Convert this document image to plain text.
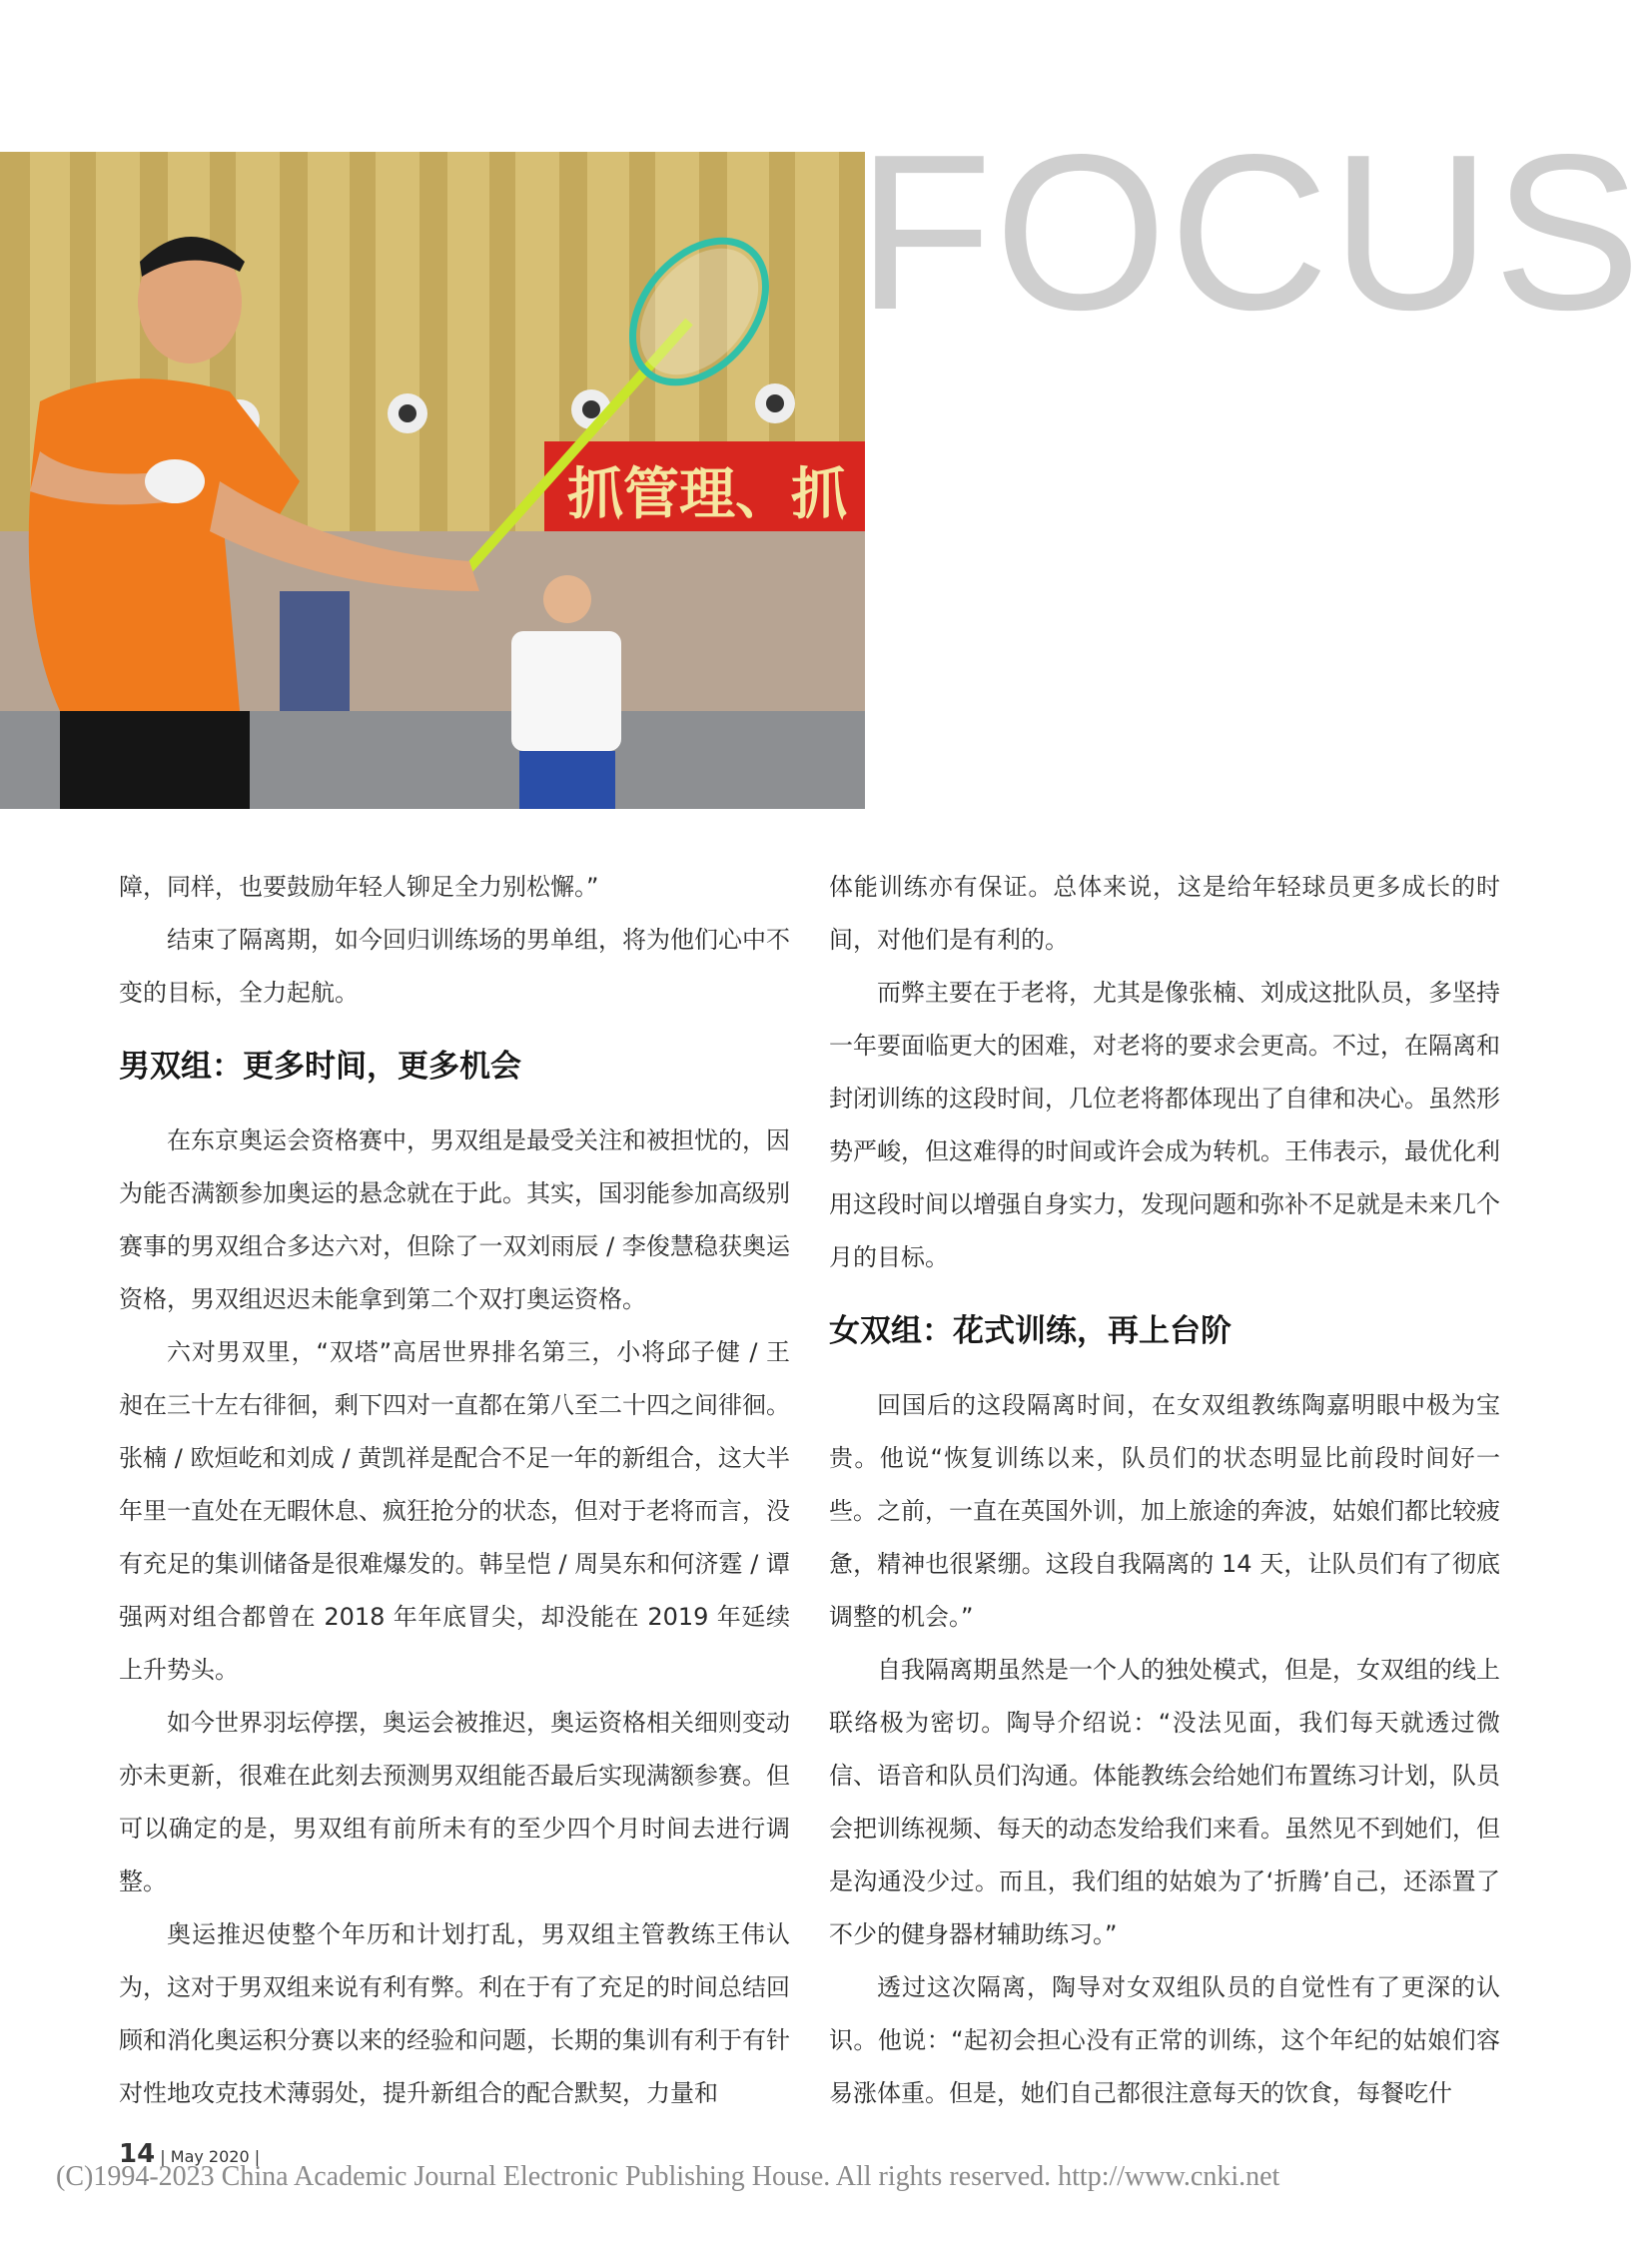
抓管理、抓
FOCUS

障，同样，也要鼓励年轻人铆足全力别松懈。”

结束了隔离期，如今回归训练场的男单组，将为他们心中不变的目标，全力起航。

男双组：更多时间，更多机会

在东京奥运会资格赛中，男双组是最受关注和被担忧的，因为能否满额参加奥运的悬念就在于此。其实，国羽能参加高级别赛事的男双组合多达六对，但除了一双刘雨辰 / 李俊慧稳获奥运资格，男双组迟迟未能拿到第二个双打奥运资格。

六对男双里，“双塔”高居世界排名第三，小将邱子健 / 王昶在三十左右徘徊，剩下四对一直都在第八至二十四之间徘徊。张楠 / 欧烜屹和刘成 / 黄凯祥是配合不足一年的新组合，这大半年里一直处在无暇休息、疯狂抢分的状态，但对于老将而言，没有充足的集训储备是很难爆发的。韩呈恺 / 周昊东和何济霆 / 谭强两对组合都曾在 2018 年年底冒尖，却没能在 2019 年延续上升势头。

如今世界羽坛停摆，奥运会被推迟，奥运资格相关细则变动亦未更新，很难在此刻去预测男双组能否最后实现满额参赛。但可以确定的是，男双组有前所未有的至少四个月时间去进行调整。

奥运推迟使整个年历和计划打乱，男双组主管教练王伟认为，这对于男双组来说有利有弊。利在于有了充足的时间总结回顾和消化奥运积分赛以来的经验和问题，长期的集训有利于有针对性地攻克技术薄弱处，提升新组合的配合默契，力量和

体能训练亦有保证。总体来说，这是给年轻球员更多成长的时间，对他们是有利的。

而弊主要在于老将，尤其是像张楠、刘成这批队员，多坚持一年要面临更大的困难，对老将的要求会更高。不过，在隔离和封闭训练的这段时间，几位老将都体现出了自律和决心。虽然形势严峻，但这难得的时间或许会成为转机。王伟表示，最优化利用这段时间以增强自身实力，发现问题和弥补不足就是未来几个月的目标。

女双组：花式训练，再上台阶

回国后的这段隔离时间，在女双组教练陶嘉明眼中极为宝贵。他说“恢复训练以来，队员们的状态明显比前段时间好一些。之前，一直在英国外训，加上旅途的奔波，姑娘们都比较疲惫，精神也很紧绷。这段自我隔离的 14 天，让队员们有了彻底调整的机会。”

自我隔离期虽然是一个人的独处模式，但是，女双组的线上联络极为密切。陶导介绍说：“没法见面，我们每天就透过微信、语音和队员们沟通。体能教练会给她们布置练习计划，队员会把训练视频、每天的动态发给我们来看。虽然见不到她们，但是沟通没少过。而且，我们组的姑娘为了‘折腾’自己，还添置了不少的健身器材辅助练习。”

透过这次隔离，陶导对女双组队员的自觉性有了更深的认识。他说：“起初会担心没有正常的训练，这个年纪的姑娘们容易涨体重。但是，她们自己都很注意每天的饮食，每餐吃什

14 | May 2020 |
(C)1994-2023 China Academic Journal Electronic Publishing House. All rights reserved. http://www.cnki.net
